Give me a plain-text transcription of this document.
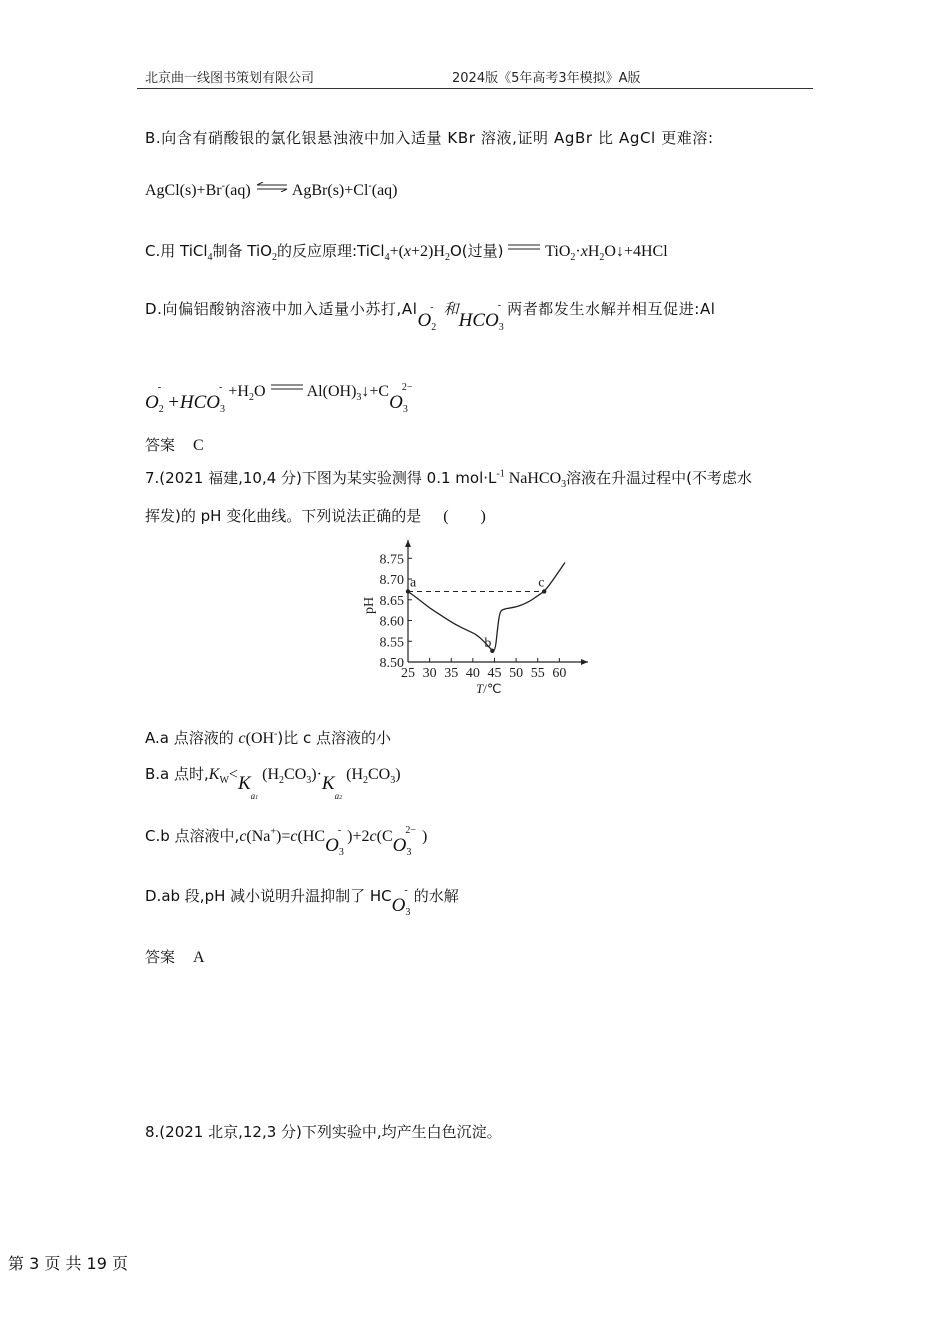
北京曲一线图书策划有限公司	2024版《5年高考3年模拟》A版
B.向含有硝酸银的氯化银悬浊液中加入适量 KBr 溶液,证明 AgBr 比 AgCl 更难溶:
AgCl(s)+Br-(aq) ⇌ AgBr(s)+Cl-(aq)
C.用 TiCl$_4$制备 TiO$_2$的反应原理$:TiCl_4+(x+2)H_2O$(过量)	$TiO_2\cdot xH_2O↓+4HCl$
D.向偏铝酸钠溶液中加入适量小苏打,AlO$_2$- 和$HCO_3^-$ 两者都发生水解并相互促进:Al
$O_2^-+HCO_3^- +H_2O$	$Al(OH)_3↓+CO_3^{2-}$
答案 C
7.(2021 福建,10,4 分)下图为某实验测得 0.1 $mol\cdot L^{-1}$ NaHCO$_3$溶液在升温过程中(不考虑水
挥发)的 pH 变化曲线。下列说法正确的是 (　　)
25 30 35 40 45 50 55 60
8.50
8.55
8.60
8.65
8.70
8.75
a
b
c
pH
T/℃
A.a 点溶液的 c(OH-)比 c 点溶液的小
B.a 点时$,K_W<K_{a1}$ $(H_2CO_3)\cdot K_{a2}$ $(H_2CO_3)$
C.b 点溶液中$,c(Na^+)=c(HCO_3^-$ )$+2c(CO_3^{2-}$ )
D.ab 段,pH 减小说明升温抑制了 $HCO_3^-$ 的水解
答案 A
8.(2021 北京,12,3 分)下列实验中,均产生白色沉淀。
第 3 页 共 19 页
